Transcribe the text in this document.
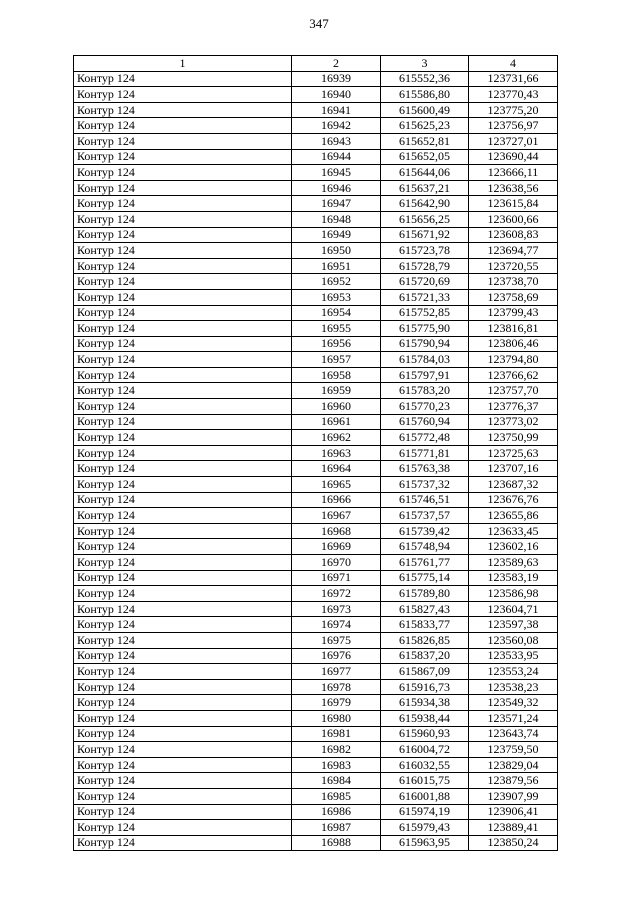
347
1	2	3	4
Контур 124	16939	615552,36	123731,66
Контур 124	16940	615586,80	123770,43
Контур 124	16941	615600,49	123775,20
Контур 124	16942	615625,23	123756,97
Контур 124	16943	615652,81	123727,01
Контур 124	16944	615652,05	123690,44
Контур 124	16945	615644,06	123666,11
Контур 124	16946	615637,21	123638,56
Контур 124	16947	615642,90	123615,84
Контур 124	16948	615656,25	123600,66
Контур 124	16949	615671,92	123608,83
Контур 124	16950	615723,78	123694,77
Контур 124	16951	615728,79	123720,55
Контур 124	16952	615720,69	123738,70
Контур 124	16953	615721,33	123758,69
Контур 124	16954	615752,85	123799,43
Контур 124	16955	615775,90	123816,81
Контур 124	16956	615790,94	123806,46
Контур 124	16957	615784,03	123794,80
Контур 124	16958	615797,91	123766,62
Контур 124	16959	615783,20	123757,70
Контур 124	16960	615770,23	123776,37
Контур 124	16961	615760,94	123773,02
Контур 124	16962	615772,48	123750,99
Контур 124	16963	615771,81	123725,63
Контур 124	16964	615763,38	123707,16
Контур 124	16965	615737,32	123687,32
Контур 124	16966	615746,51	123676,76
Контур 124	16967	615737,57	123655,86
Контур 124	16968	615739,42	123633,45
Контур 124	16969	615748,94	123602,16
Контур 124	16970	615761,77	123589,63
Контур 124	16971	615775,14	123583,19
Контур 124	16972	615789,80	123586,98
Контур 124	16973	615827,43	123604,71
Контур 124	16974	615833,77	123597,38
Контур 124	16975	615826,85	123560,08
Контур 124	16976	615837,20	123533,95
Контур 124	16977	615867,09	123553,24
Контур 124	16978	615916,73	123538,23
Контур 124	16979	615934,38	123549,32
Контур 124	16980	615938,44	123571,24
Контур 124	16981	615960,93	123643,74
Контур 124	16982	616004,72	123759,50
Контур 124	16983	616032,55	123829,04
Контур 124	16984	616015,75	123879,56
Контур 124	16985	616001,88	123907,99
Контур 124	16986	615974,19	123906,41
Контур 124	16987	615979,43	123889,41
Контур 124	16988	615963,95	123850,24
